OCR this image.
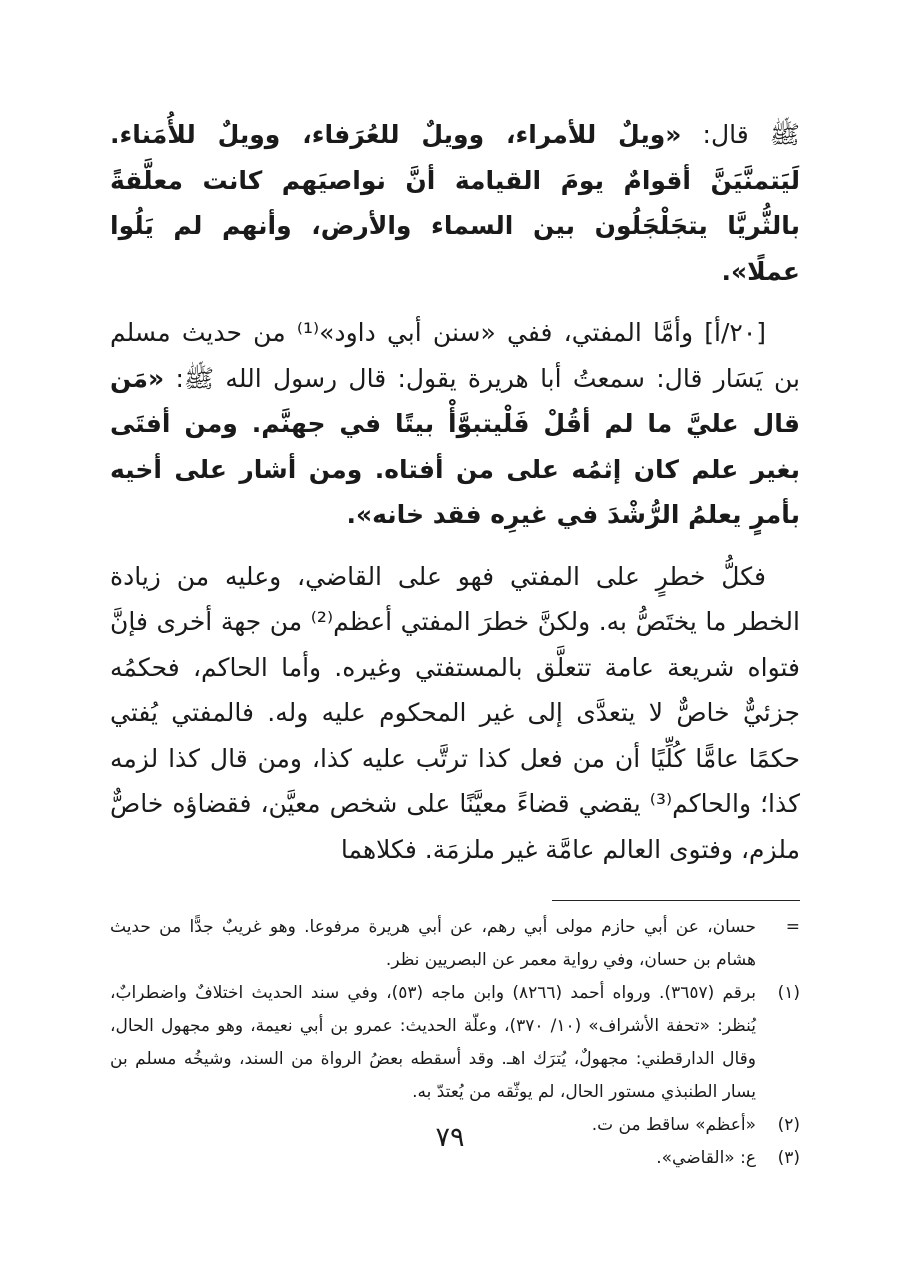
ﷺ قال: «ويلٌ للأمراء، وويلٌ للعُرَفاء، وويلٌ للأُمَناء. لَيَتمنَّيَنَّ أقوامٌ يومَ القيامة أنَّ نواصيَهم كانت معلَّقةً بالثُّريَّا يتجَلْجَلُون بين السماء والأرض، وأنهم لم يَلُوا عملًا».

[٢٠/أ] وأمَّا المفتي، ففي «سنن أبي داود»⁽¹⁾ من حديث مسلم بن يَسَار قال: سمعتُ أبا هريرة يقول: قال رسول الله ﷺ: «مَن قال عليَّ ما لم أقُلْ فَلْيتبوَّأْ بيتًا في جهنَّم. ومن أفتَى بغير علم كان إثمُه على من أفتاه. ومن أشار على أخيه بأمرٍ يعلمُ الرُّشْدَ في غيرِه فقد خانه».

فكلُّ خطرٍ على المفتي فهو على القاضي، وعليه من زيادة الخطر ما يختَصُّ به. ولكنَّ خطرَ المفتي أعظم⁽²⁾ من جهة أخرى فإنَّ فتواه شريعة عامة تتعلَّق بالمستفتي وغيره. وأما الحاكم، فحكمُه جزئيٌّ خاصٌّ لا يتعدَّى إلى غير المحكوم عليه وله. فالمفتي يُفتي حكمًا عامًّا كُلِّيًا أن من فعل كذا ترتَّب عليه كذا، ومن قال كذا لزمه كذا؛ والحاكم⁽³⁾ يقضي قضاءً معيَّنًا على شخص معيَّن، فقضاؤه خاصٌّ ملزم، وفتوى العالم عامَّة غير ملزمَة. فكلاهما

=
حسان، عن أبي حازم مولى أبي رهم، عن أبي هريرة مرفوعا. وهو غريبٌ جدًّا من حديث هشام بن حسان، وفي رواية معمر عن البصريين نظر.
(١)
برقم (٣٦٥٧). ورواه أحمد (٨٢٦٦) وابن ماجه (٥٣)، وفي سند الحديث اختلافٌ واضطرابٌ، يُنظر: «تحفة الأشراف» (١٠/ ٣٧٠)، وعلّة الحديث: عمرو بن أبي نعيمة، وهو مجهول الحال، وقال الدارقطني: مجهولٌ، يُترَك اهـ. وقد أسقطه بعضُ الرواة من السند، وشيخُه مسلم بن يسار الطنبذي مستور الحال، لم يوثّقه من يُعتدّ به.
(٢)
«أعظم» ساقط من ت.
(٣)
ع: «القاضي».
٧٩
